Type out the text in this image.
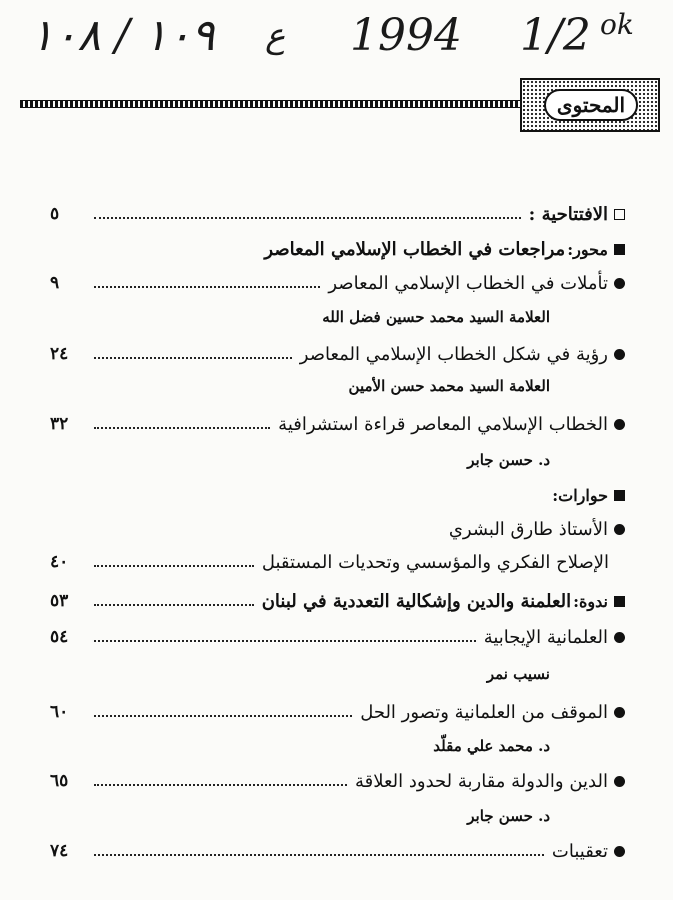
١٠٩ / ١٠٨ ع 1994 1/2 ok
المحتوى
الافتتاحية :
٥
محور:
مراجعات في الخطاب الإسلامي المعاصر
تأملات في الخطاب الإسلامي المعاصر
٩
العلامة السيد محمد حسين فضل الله
رؤية في شكل الخطاب الإسلامي المعاصر
٢٤
العلامة السيد محمد حسن الأمين
الخطاب الإسلامي المعاصر قراءة استشرافية
٣٢
د. حسن جابر
حوارات:
الأستاذ طارق البشري
الإصلاح الفكري والمؤسسي وتحديات المستقبل
٤٠
ندوة:
العلمنة والدين وإشكالية التعددية في لبنان
٥٣
العلمانية الإيجابية
٥٤
نسيب نمر
الموقف من العلمانية وتصور الحل
٦٠
د. محمد علي مقلّد
الدين والدولة مقاربة لحدود العلاقة
٦٥
د. حسن جابر
تعقيبات
٧٤
